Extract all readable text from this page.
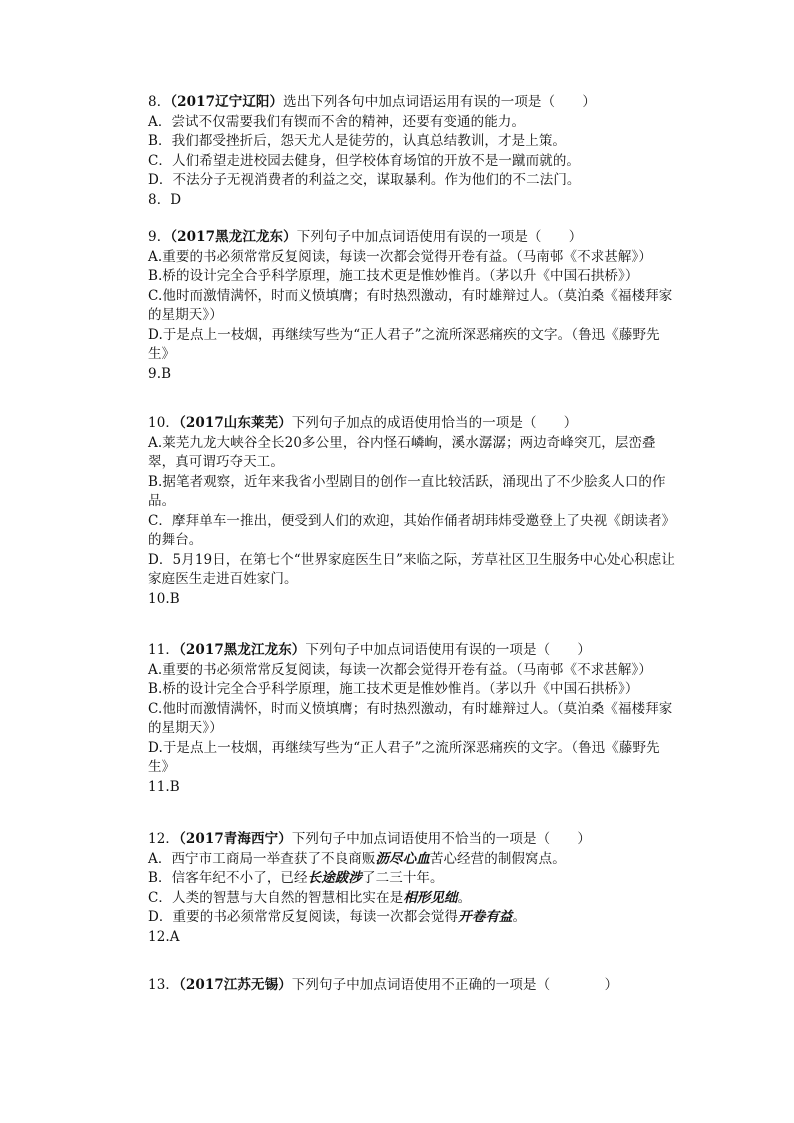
8．（2017辽宁辽阳）选出下列各句中加点词语运用有误的一项是（　　）
A．尝试不仅需要我们有锲而不舍的精神，还要有变通的能力。
B．我们都受挫折后，怨天尤人是徒劳的，认真总结教训，才是上策。
C．人们希望走进校园去健身，但学校体育场馆的开放不是一蹴而就的。
D．不法分子无视消费者的利益之交，谋取暴利。作为他们的不二法门。
8．D
9．（2017黑龙江龙东）下列句子中加点词语使用有误的一项是（　　）
A.重要的书必须常常反复阅读，每读一次都会觉得开卷有益。（马南邨《不求甚解》）
B.桥的设计完全合乎科学原理，施工技术更是惟妙惟肖。（茅以升《中国石拱桥》）
C.他时而激情满怀，时而义愤填膺；有时热烈激动，有时雄辩过人。（莫泊桑《福楼拜家的星期天》）
D.于是点上一枝烟，再继续写些为“正人君子”之流所深恶痛疾的文字。（鲁迅《藤野先生》
9.B
10．（2017山东莱芜）下列句子加点的成语使用恰当的一项是（　　）
A.莱芜九龙大峡谷全长20多公里，谷内怪石嶙峋，溪水潺潺；两边奇峰突兀，层峦叠翠，真可谓巧夺天工。
B.据笔者观察，近年来我省小型剧目的创作一直比较活跃，涌现出了不少脍炙人口的作品。
C．摩拜单车一推出，便受到人们的欢迎，其始作俑者胡玮炜受邀登上了央视《朗读者》的舞台。
D．5月19日，在第七个“世界家庭医生日”来临之际，芳草社区卫生服务中心处心积虑让家庭医生走进百姓家门。
10.B
11．（2017黑龙江龙东）下列句子中加点词语使用有误的一项是（　　）
A.重要的书必须常常反复阅读，每读一次都会觉得开卷有益。（马南邨《不求甚解》）
B.桥的设计完全合乎科学原理，施工技术更是惟妙惟肖。（茅以升《中国石拱桥》）
C.他时而激情满怀，时而义愤填膺；有时热烈激动，有时雄辩过人。（莫泊桑《福楼拜家的星期天》）
D.于是点上一枝烟，再继续写些为“正人君子”之流所深恶痛疾的文字。（鲁迅《藤野先生》
11.B
12．（2017青海西宁）下列句子中加点词语使用不恰当的一项是（　　）
A．西宁市工商局一举查获了不良商贩沥尽心血苦心经营的制假窝点。
B．信客年纪不小了，已经长途跋涉了二三十年。
C．人类的智慧与大自然的智慧相比实在是相形见绌。
D．重要的书必须常常反复阅读，每读一次都会觉得开卷有益。
12.A
13．（2017江苏无锡）下列句子中加点词语使用不正确的一项是（　　　　）
